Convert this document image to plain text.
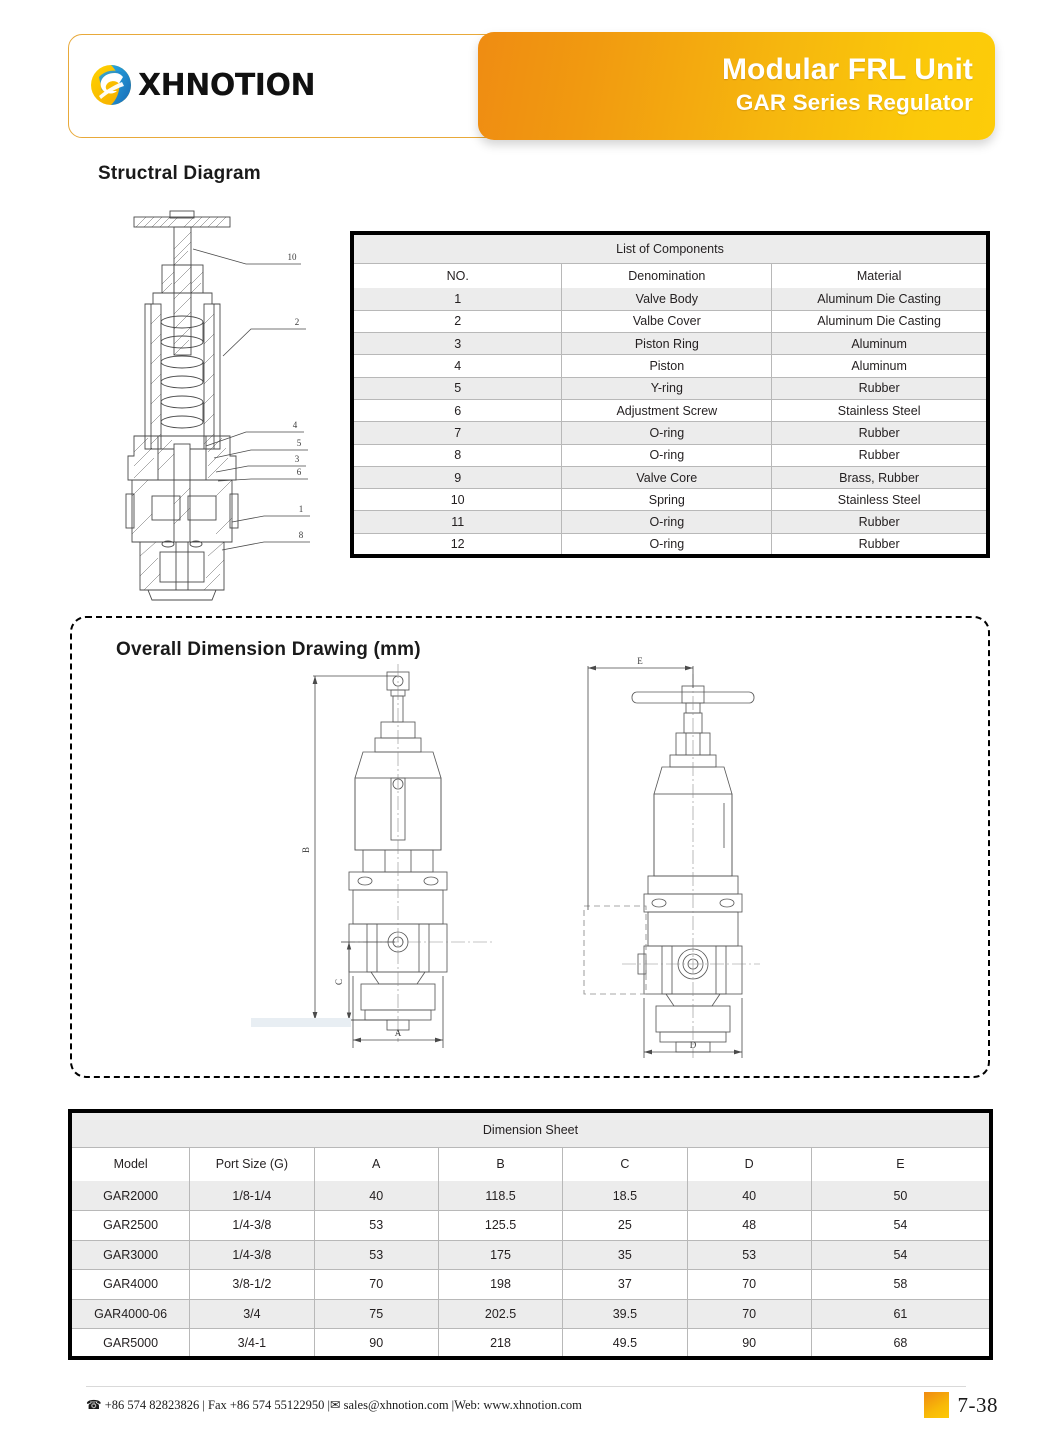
XHNOTION	Modular FRL Unit
GAR Series Regulator
Structral Diagram
10
2
4
5
3
6
1
8
List of Components		
NO.	Denomination	Material
1	Valve Body	Aluminum Die Casting
2	Valbe Cover	Aluminum Die Casting
3	Piston Ring	Aluminum
4	Piston	Aluminum
5	Y-ring	Rubber
6	Adjustment Screw	Stainless Steel
7	O-ring	Rubber
8	O-ring	Rubber
9	Valve Core	Brass, Rubber
10	Spring	Stainless Steel
11	O-ring	Rubber
12	O-ring	Rubber
Overall Dimension Drawing (mm)
B
C
A
E
D
Dimension Sheet						
Model	Port Size (G)	A	B	C	D	E
GAR2000	1/8-1/4	40	118.5	18.5	40	50
GAR2500	1/4-3/8	53	125.5	25	48	54
GAR3000	1/4-3/8	53	175	35	53	54
GAR4000	3/8-1/2	70	198	37	70	58
GAR4000-06	3/4	75	202.5	39.5	70	61
GAR5000	3/4-1	90	218	49.5	90	68
☎ +86 574 82823826 | Fax +86 574 55122950 |✉ sales@xhnotion.com |Web: www.xhnotion.com	7-38
